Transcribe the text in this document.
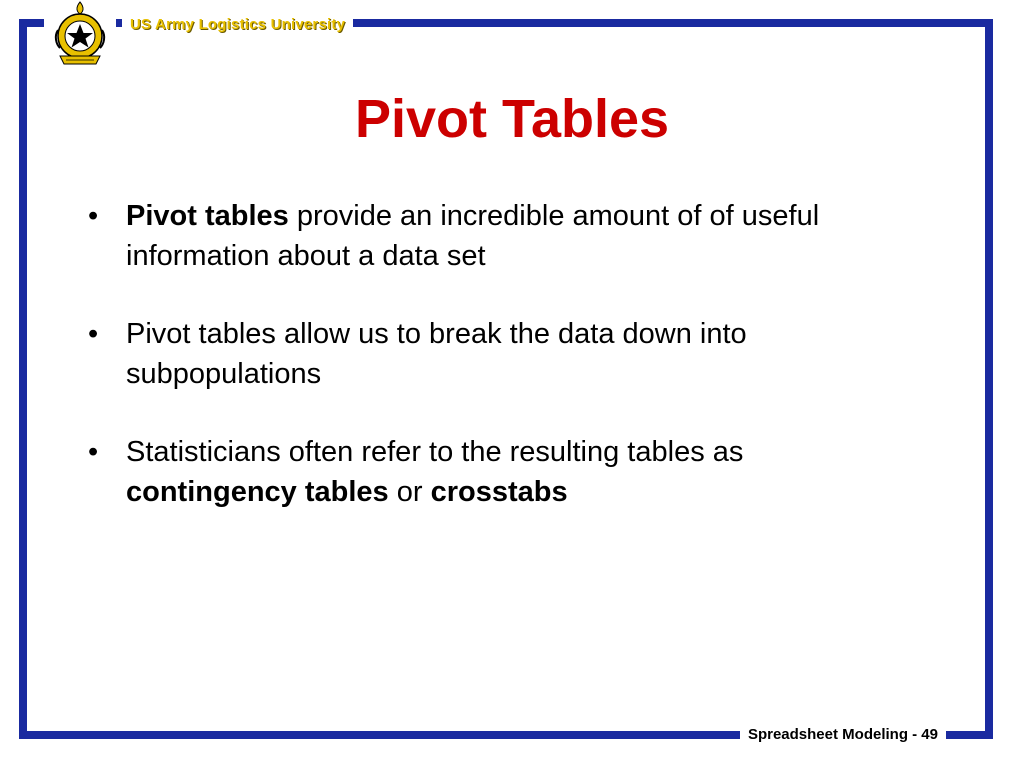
US Army Logistics University
Pivot Tables
• Pivot tables provide an incredible amount of of useful information about a data set
• Pivot tables allow us to break the data down into subpopulations
• Statisticians often refer to the resulting tables as contingency tables or crosstabs
Spreadsheet Modeling - 49
